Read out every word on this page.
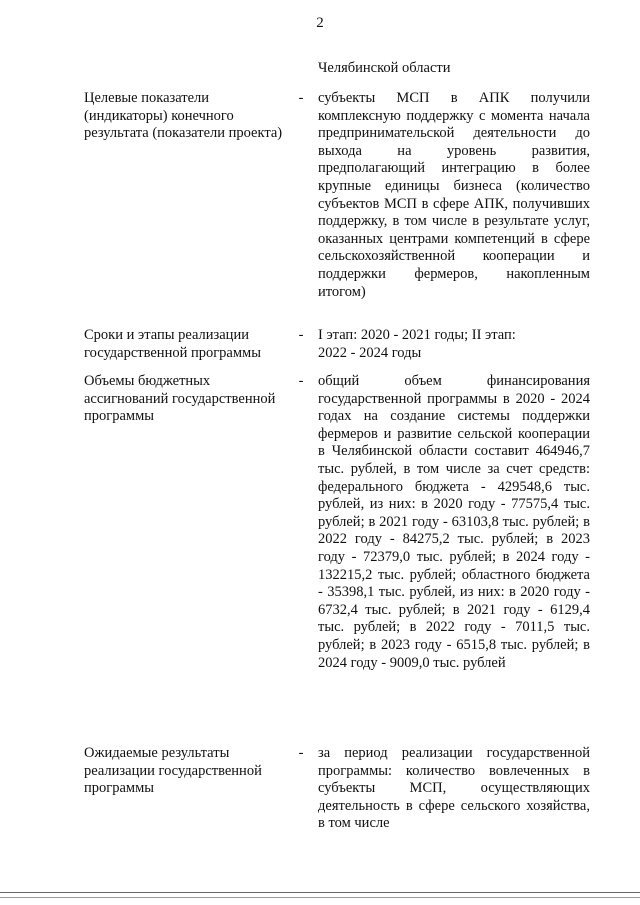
2
Челябинской области
Целевые показатели (индикаторы) конечного результата (показатели проекта)
- субъекты МСП в АПК получили комплексную поддержку с момента начала предпринимательской деятельности до выхода на уровень развития, предполагающий интеграцию в более крупные единицы бизнеса (количество субъектов МСП в сфере АПК, получивших поддержку, в том числе в результате услуг, оказанных центрами компетенций в сфере сельскохозяйственной кооперации и поддержки фермеров, накопленным итогом)
Сроки и этапы реализации государственной программы
- I этап: 2020 - 2021 годы; II этап: 2022 - 2024 годы
Объемы бюджетных ассигнований государственной программы
- общий объем финансирования государственной программы в 2020 - 2024 годах на создание системы поддержки фермеров и развитие сельской кооперации в Челябинской области составит 464946,7 тыс. рублей, в том числе за счет средств: федерального бюджета - 429548,6 тыс. рублей, из них: в 2020 году - 77575,4 тыс. рублей; в 2021 году - 63103,8 тыс. рублей; в 2022 году - 84275,2 тыс. рублей; в 2023 году - 72379,0 тыс. рублей; в 2024 году - 132215,2 тыс. рублей; областного бюджета - 35398,1 тыс. рублей, из них: в 2020 году - 6732,4 тыс. рублей; в 2021 году - 6129,4 тыс. рублей; в 2022 году - 7011,5 тыс. рублей; в 2023 году - 6515,8 тыс. рублей; в 2024 году - 9009,0 тыс. рублей
Ожидаемые результаты реализации государственной программы
- за период реализации государственной программы: количество вовлеченных в субъекты МСП, осуществляющих деятельность в сфере сельского хозяйства, в том числе
